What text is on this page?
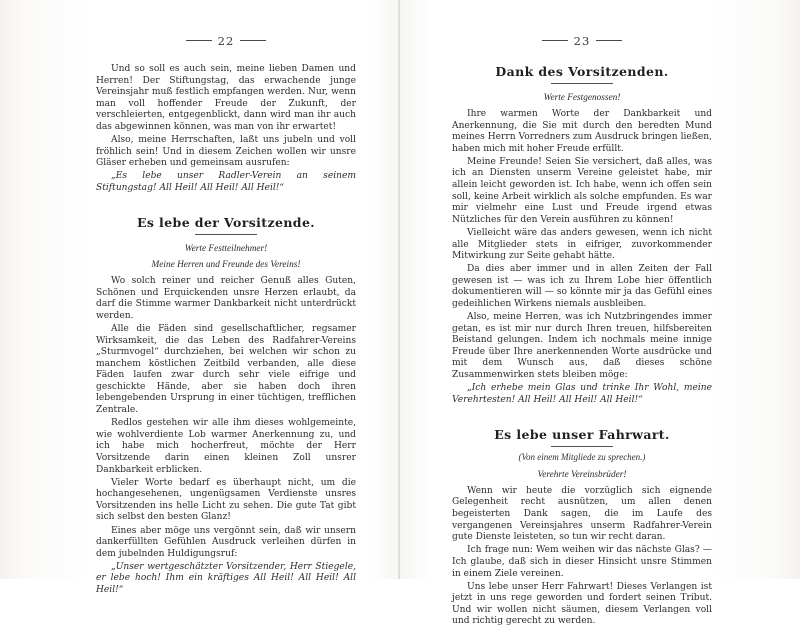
22

Und so soll es auch sein, meine lieben Damen und Herren! Der Stiftungstag, das erwachende junge Vereinsjahr muß festlich empfangen werden. Nur, wenn man voll hoffender Freude der Zukunft, der verschleierten, entgegenblickt, dann wird man ihr auch das abgewinnen können, was man von ihr erwartet!

Also, meine Herrschaften, laßt uns jubeln und voll fröhlich sein! Und in diesem Zeichen wollen wir unsre Gläser erheben und gemeinsam ausrufen:

„Es lebe unser Radler-Verein an seinem Stiftungstag! All Heil! All Heil! All Heil!“

Es lebe der Vorsitzende.
Werte Festteilnehmer!
Meine Herren und Freunde des Vereins!

Wo solch reiner und reicher Genuß alles Guten, Schönen und Erquickenden unsre Herzen erlaubt, da darf die Stimme warmer Dankbarkeit nicht unterdrückt werden.

Alle die Fäden sind gesellschaftlicher, regsamer Wirksamkeit, die das Leben des Radfahrer-Vereins „Sturmvogel“ durchziehen, bei welchen wir schon zu manchem köstlichen Zeitbild verbanden, alle diese Fäden laufen zwar durch sehr viele eifrige und geschickte Hände, aber sie haben doch ihren lebengebenden Ursprung in einer tüchtigen, trefflichen Zentrale.

Redlos gestehen wir alle ihm dieses wohlgemeinte, wie wohlverdiente Lob warmer Anerkennung zu, und ich habe mich hocherfreut, möchte der Herr Vorsitzende darin einen kleinen Zoll unsrer Dankbarkeit erblicken.

Vieler Worte bedarf es überhaupt nicht, um die hochangesehenen, ungenügsamen Verdienste unsres Vorsitzenden ins helle Licht zu sehen. Die gute Tat gibt sich selbst den besten Glanz!

Eines aber möge uns vergönnt sein, daß wir unsern dankerfüllten Gefühlen Ausdruck verleihen dürfen in dem jubelnden Huldigungsruf:

„Unser wertgeschätzter Vorsitzender, Herr Stiegele, er lebe hoch! Ihm ein kräftiges All Heil! All Heil! All Heil!“

23
Dank des Vorsitzenden.
Werte Festgenossen!

Ihre warmen Worte der Dankbarkeit und Anerkennung, die Sie mit durch den beredten Mund meines Herrn Vorredners zum Ausdruck bringen ließen, haben mich mit hoher Freude erfüllt.

Meine Freunde! Seien Sie versichert, daß alles, was ich an Diensten unserm Vereine geleistet habe, mir allein leicht geworden ist. Ich habe, wenn ich offen sein soll, keine Arbeit wirklich als solche empfunden. Es war mir vielmehr eine Lust und Freude irgend etwas Nützliches für den Verein ausführen zu können!

Vielleicht wäre das anders gewesen, wenn ich nicht alle Mitglieder stets in eifriger, zuvorkommender Mitwirkung zur Seite gehabt hätte.

Da dies aber immer und in allen Zeiten der Fall gewesen ist — was ich zu Ihrem Lobe hier öffentlich dokumentieren will — so könnte mir ja das Gefühl eines gedeihlichen Wirkens niemals ausbleiben.

Also, meine Herren, was ich Nutzbringendes immer getan, es ist mir nur durch Ihren treuen, hilfsbereiten Beistand gelungen. Indem ich nochmals meine innige Freude über Ihre anerkennenden Worte ausdrücke und mit dem Wunsch aus, daß dieses schöne Zusammenwirken stets bleiben möge:

„Ich erhebe mein Glas und trinke Ihr Wohl, meine Verehrtesten! All Heil! All Heil! All Heil!“

Es lebe unser Fahrwart.
(Von einem Mitgliede zu sprechen.)
Verehrte Vereinsbrüder!

Wenn wir heute die vorzüglich sich eignende Gelegenheit recht ausnützen, um allen denen begeisterten Dank sagen, die im Laufe des vergangenen Vereinsjahres unserm Radfahrer-Verein gute Dienste leisteten, so tun wir recht daran.

Ich frage nun: Wem weihen wir das nächste Glas? — Ich glaube, daß sich in dieser Hinsicht unsre Stimmen in einem Ziele vereinen.

Uns lebe unser Herr Fahrwart! Dieses Verlangen ist jetzt in uns rege geworden und fordert seinen Tribut. Und wir wollen nicht säumen, diesem Verlangen voll und richtig gerecht zu werden.
